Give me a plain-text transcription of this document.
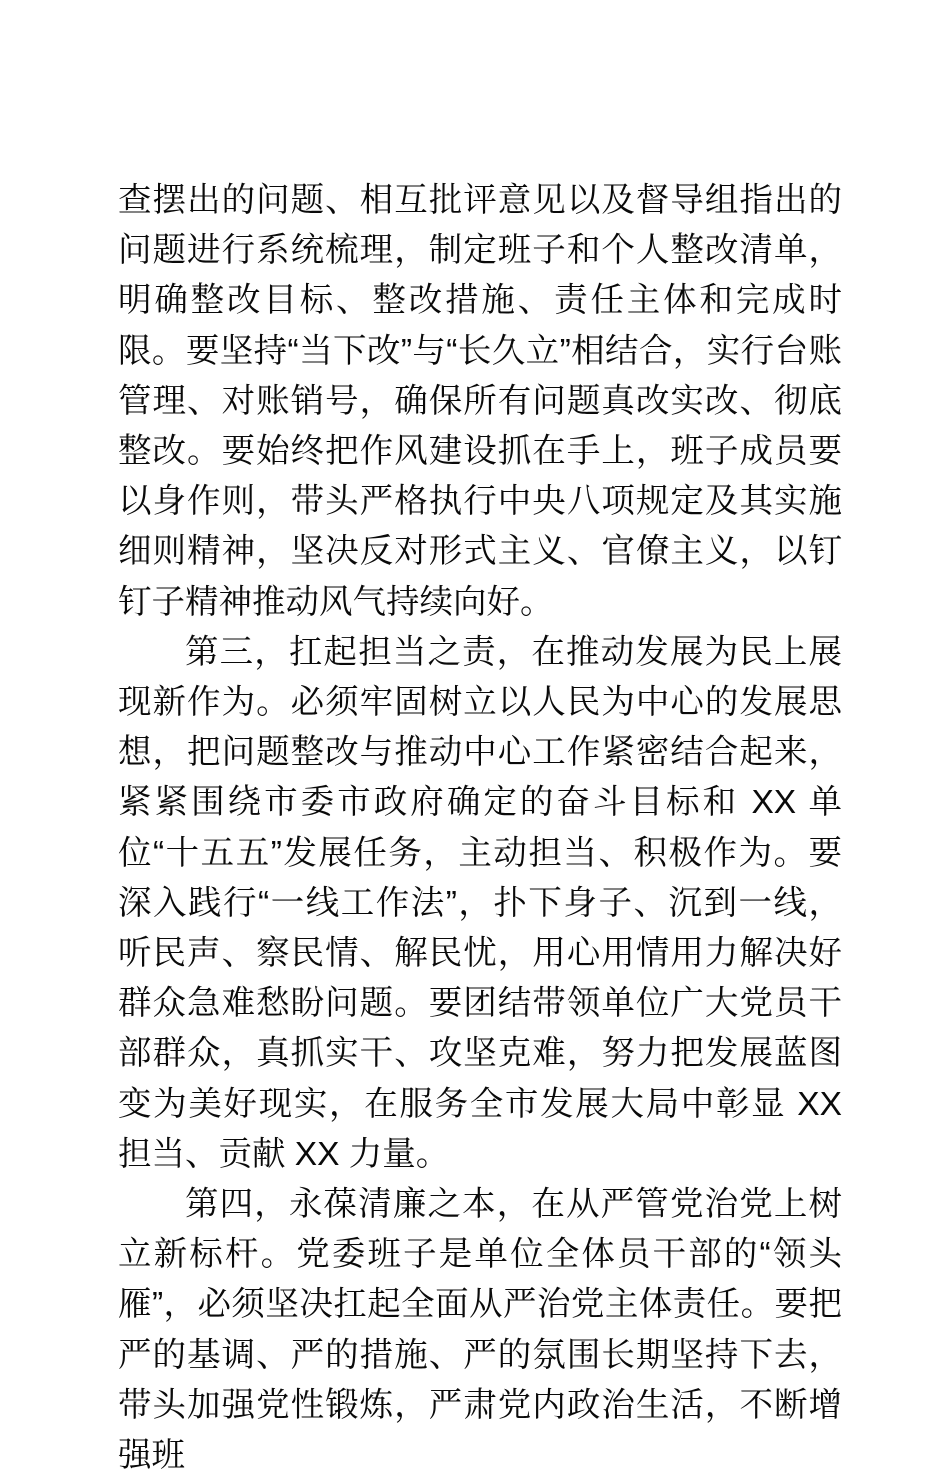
查摆出的问题、相互批评意见以及督导组指出的问题进行系统梳理，制定班子和个人整改清单，明确整改目标、整改措施、责任主体和完成时限。要坚持“当下改”与“长久立”相结合，实行台账管理、对账销号，确保所有问题真改实改、彻底整改。要始终把作风建设抓在手上，班子成员要以身作则，带头严格执行中央八项规定及其实施细则精神，坚决反对形式主义、官僚主义，以钉钉子精神推动风气持续向好。

第三，扛起担当之责，在推动发展为民上展现新作为。必须牢固树立以人民为中心的发展思想，把问题整改与推动中心工作紧密结合起来，紧紧围绕市委市政府确定的奋斗目标和 XX 单位“十五五”发展任务，主动担当、积极作为。要深入践行“一线工作法”，扑下身子、沉到一线，听民声、察民情、解民忧，用心用情用力解决好群众急难愁盼问题。要团结带领单位广大党员干部群众，真抓实干、攻坚克难，努力把发展蓝图变为美好现实，在服务全市发展大局中彰显 XX 担当、贡献 XX 力量。

第四，永葆清廉之本，在从严管党治党上树立新标杆。党委班子是单位全体员干部的“领头雁”，必须坚决扛起全面从严治党主体责任。要把严的基调、严的措施、严的氛围长期坚持下去，带头加强党性锻炼，严肃党内政治生活，不断增强班
